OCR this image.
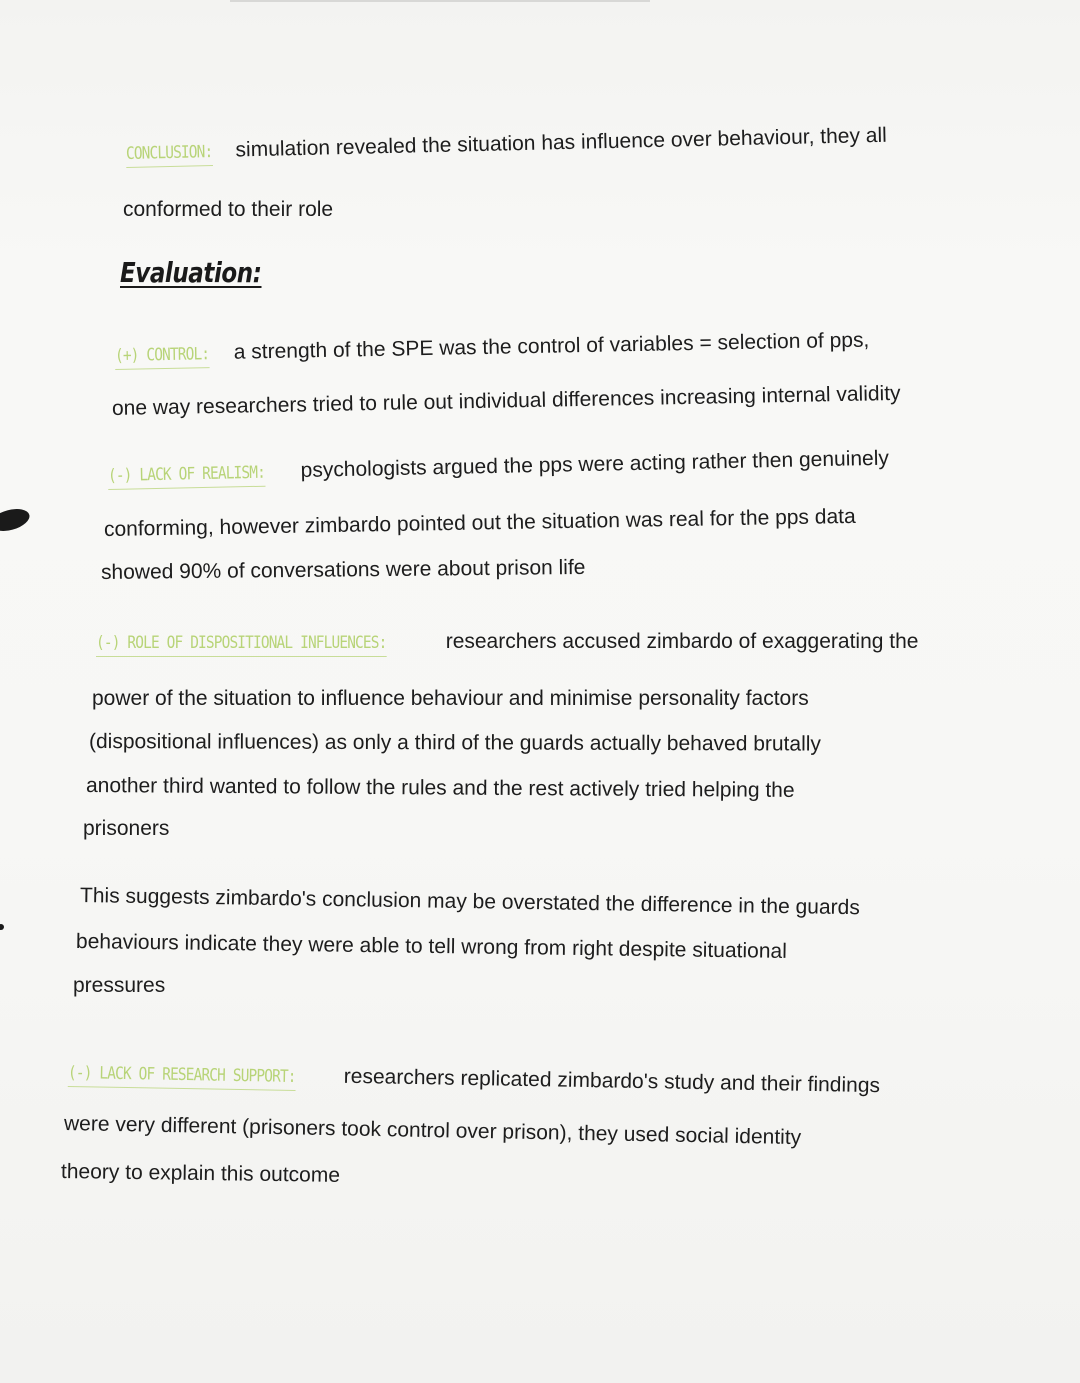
CONCLUSION: simulation revealed the situation has influence over behaviour, they all
conformed to their role
Evaluation:
(+) CONTROL: a strength of the SPE was the control of variables = selection of pps,
one way researchers tried to rule out individual differences increasing internal validity
(-) LACK OF REALISM: psychologists argued the pps were acting rather then genuinely
conforming, however zimbardo pointed out the situation was real for the pps data
showed 90% of conversations were about prison life
(-) ROLE OF DISPOSITIONAL INFLUENCES:	researchers accused zimbardo of exaggerating the
power of the situation to influence behaviour and minimise personality factors
(dispositional influences) as only a third of the guards actually behaved brutally
another third wanted to follow the rules and the rest actively tried helping the
prisoners
This suggests zimbardo's conclusion may be overstated the difference in the guards
behaviours indicate they were able to tell wrong from right despite situational
pressures
(-) LACK OF RESEARCH SUPPORT: researchers replicated zimbardo's study and their findings
were very different (prisoners took control over prison), they used social identity
theory to explain this outcome
